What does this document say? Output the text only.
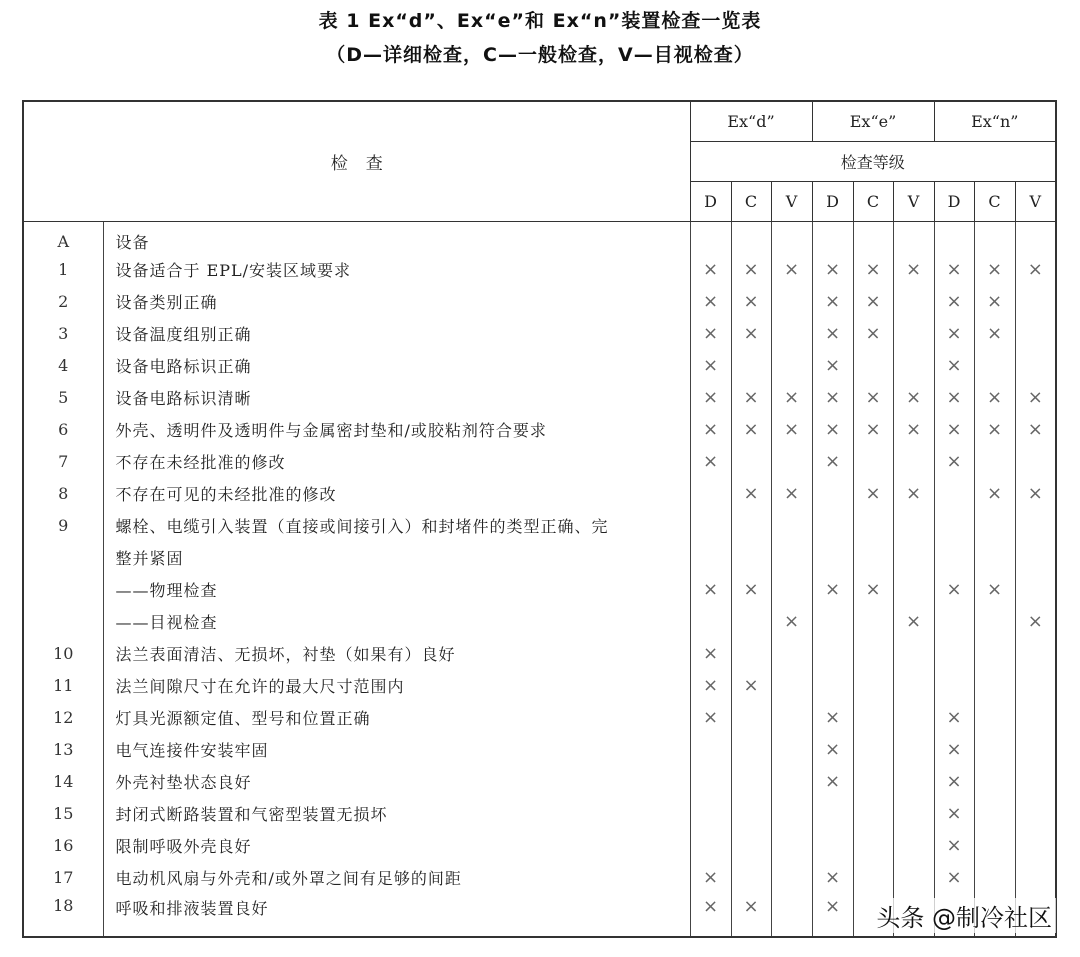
表 1 Ex“d”、Ex“e”和 Ex“n”装置检查一览表
（D—详细检查，C—一般检查，V—目视检查）
检查		Ex“d”			Ex“e”			Ex“n”		
		检查等级								
		D	C	V	D	C	V	D	C	V
A	设备									
1	设备适合于 EPL/安装区域要求	×	×	×	×	×	×	×	×	×
2	设备类别正确	×	×		×	×		×	×	
3	设备温度组别正确	×	×		×	×		×	×	
4	设备电路标识正确	×			×			×		
5	设备电路标识清晰	×	×	×	×	×	×	×	×	×
6	外壳、透明件及透明件与金属密封垫和/或胶粘剂符合要求	×	×	×	×	×	×	×	×	×
7	不存在未经批准的修改	×			×			×		
8	不存在可见的未经批准的修改		×	×		×	×		×	×
9	螺栓、电缆引入装置（直接或间接引入）和封堵件的类型正确、完									
	整并紧固									
	——物理检查	×	×		×	×		×	×	
	——目视检查			×			×			×
10	法兰表面清洁、无损坏，衬垫（如果有）良好	×								
11	法兰间隙尺寸在允许的最大尺寸范围内	×	×							
12	灯具光源额定值、型号和位置正确	×			×			×		
13	电气连接件安装牢固				×			×		
14	外壳衬垫状态良好				×			×		
15	封闭式断路装置和气密型装置无损坏							×		
16	限制呼吸外壳良好							×		
17	电动机风扇与外壳和/或外罩之间有足够的间距	×			×			×		
18	呼吸和排液装置良好	×	×		×					头条 @制冷社区
